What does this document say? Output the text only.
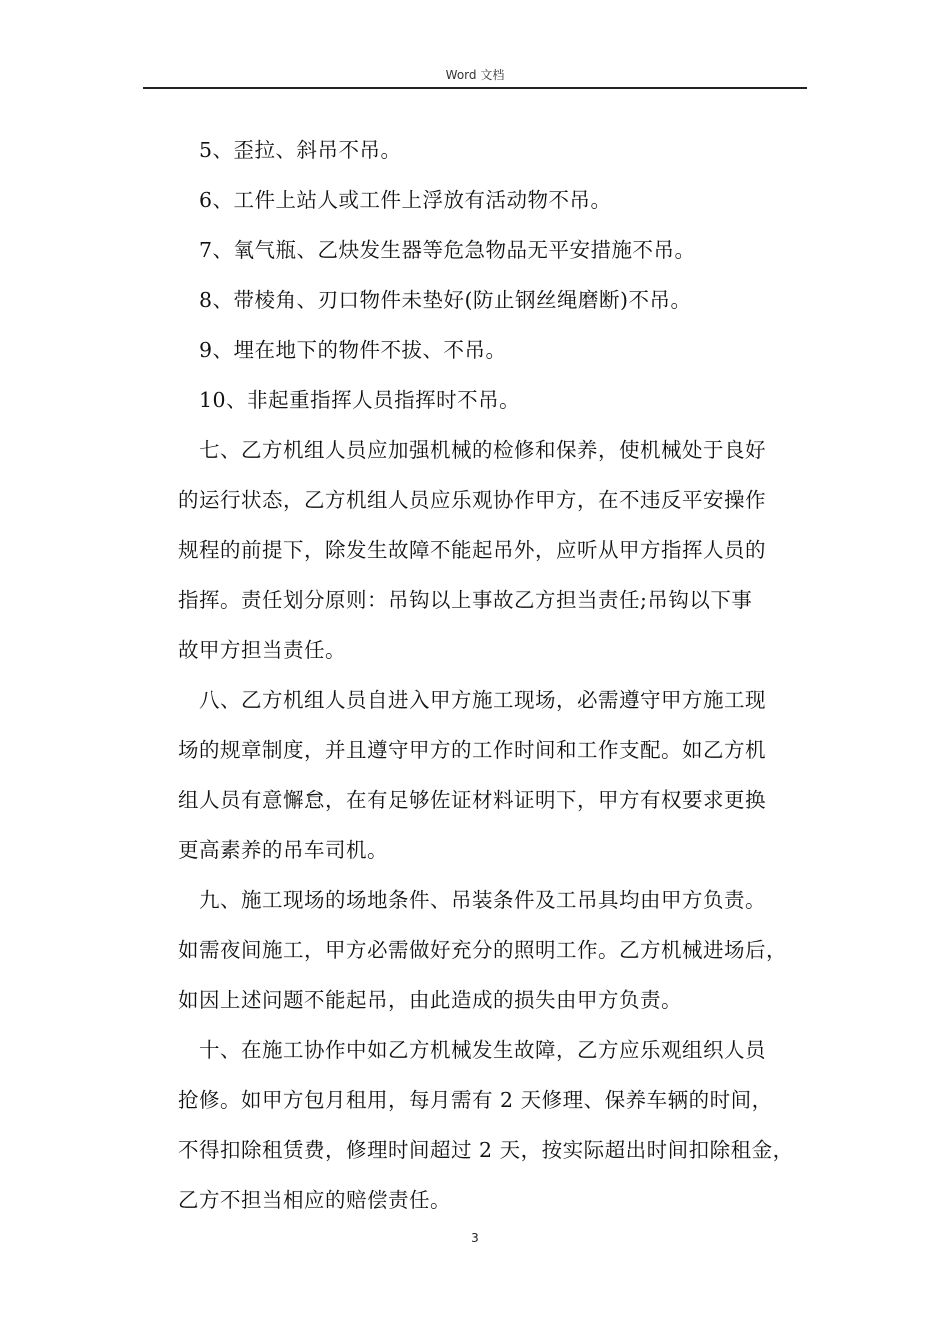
Word 文档
5、歪拉、斜吊不吊。
6、工件上站人或工件上浮放有活动物不吊。
7、氧气瓶、乙炔发生器等危急物品无平安措施不吊。
8、带棱角、刃口物件未垫好(防止钢丝绳磨断)不吊。
9、埋在地下的物件不拔、不吊。
10、非起重指挥人员指挥时不吊。
七、乙方机组人员应加强机械的检修和保养，使机械处于良好
的运行状态，乙方机组人员应乐观协作甲方，在不违反平安操作
规程的前提下，除发生故障不能起吊外，应听从甲方指挥人员的
指挥。责任划分原则：吊钩以上事故乙方担当责任;吊钩以下事
故甲方担当责任。
八、乙方机组人员自进入甲方施工现场，必需遵守甲方施工现
场的规章制度，并且遵守甲方的工作时间和工作支配。如乙方机
组人员有意懈怠，在有足够佐证材料证明下，甲方有权要求更换
更高素养的吊车司机。
九、施工现场的场地条件、吊装条件及工吊具均由甲方负责。
如需夜间施工，甲方必需做好充分的照明工作。乙方机械进场后，
如因上述问题不能起吊，由此造成的损失由甲方负责。
十、在施工协作中如乙方机械发生故障，乙方应乐观组织人员
抢修。如甲方包月租用，每月需有 2 天修理、保养车辆的时间，
不得扣除租赁费，修理时间超过 2 天，按实际超出时间扣除租金，
乙方不担当相应的赔偿责任。
3
